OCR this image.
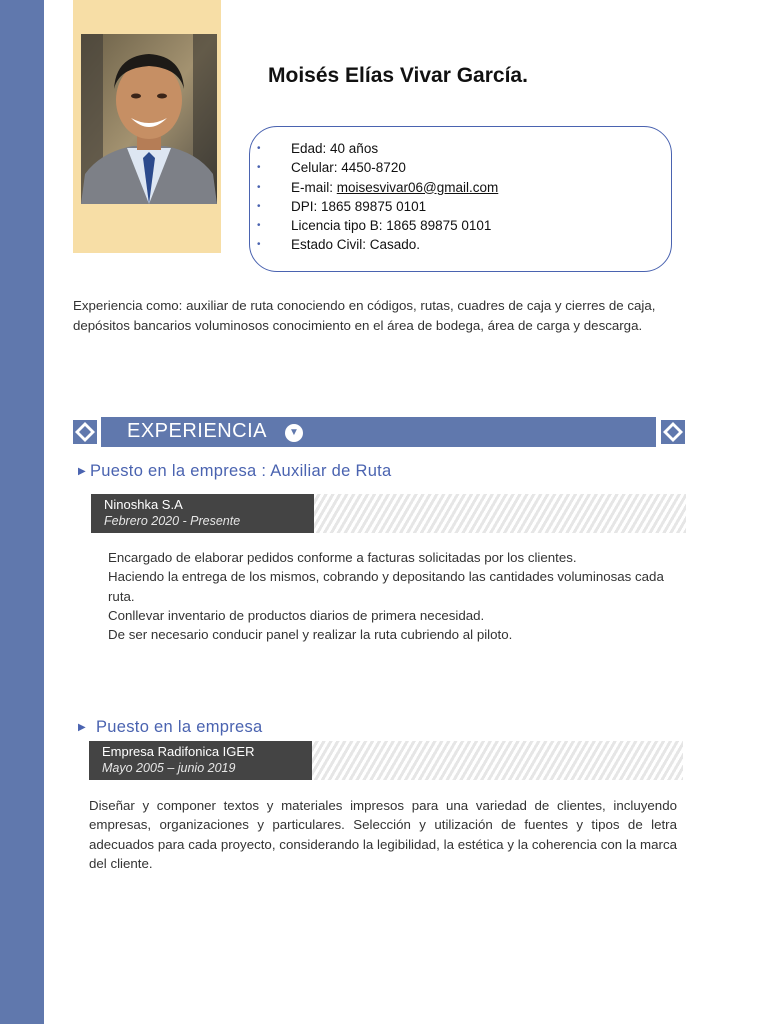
Moisés Elías Vivar García.
• Edad: 40 años
• Celular: 4450-8720
• E-mail: moisesvivar06@gmail.com
• DPI: 1865 89875 0101
• Licencia tipo B: 1865 89875 0101
• Estado Civil: Casado.
Experiencia como: auxiliar de ruta conociendo en códigos, rutas, cuadres de caja y cierres de caja, depósitos bancarios voluminosos conocimiento en el área de bodega, área de carga y descarga.
EXPERIENCIA	▼
▶ Puesto en la empresa : Auxiliar de Ruta
Ninoshka S.A
Febrero 2020 - Presente

Encargado de elaborar pedidos conforme a facturas solicitadas por los clientes.

Haciendo la entrega de los mismos, cobrando y depositando las cantidades voluminosas cada ruta.

Conllevar inventario de productos diarios de primera necesidad.

De ser necesario conducir panel y realizar la ruta cubriendo al piloto.

▶ Puesto en la empresa
Empresa Radifonica IGER
Mayo 2005 – junio 2019
Diseñar y componer textos y materiales impresos para una variedad de clientes, incluyendo empresas, organizaciones y particulares. Selección y utilización de fuentes y tipos de letra adecuados para cada proyecto, considerando la legibilidad, la estética y la coherencia con la marca del cliente.
